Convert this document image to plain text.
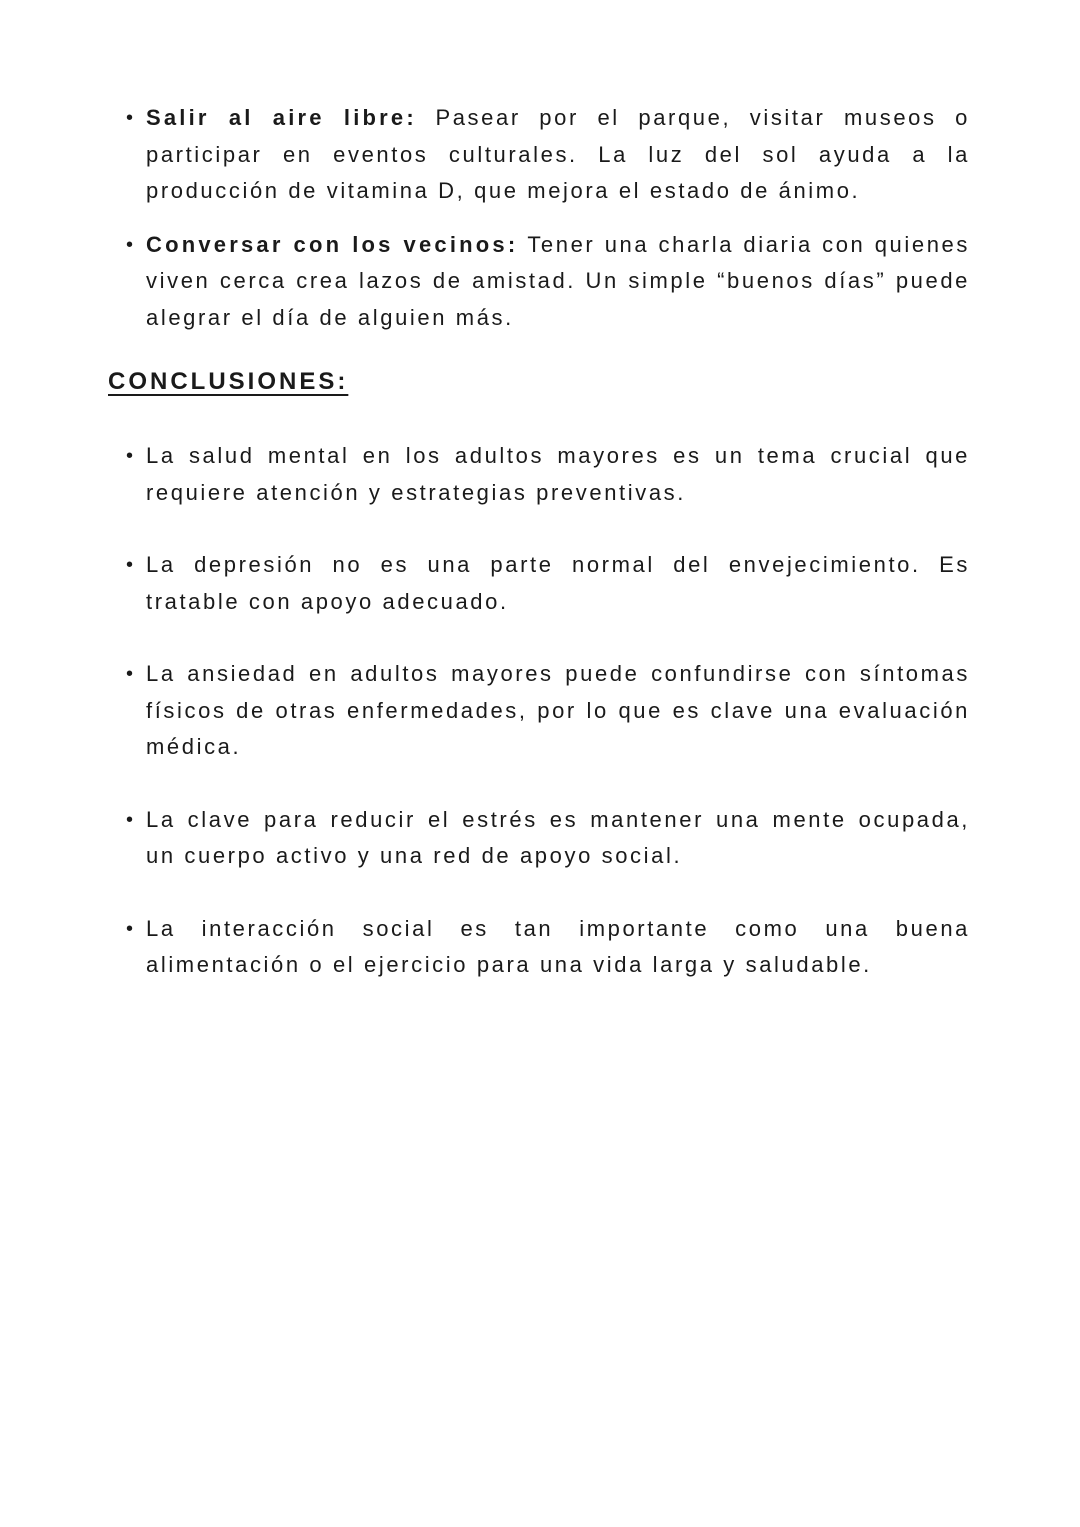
• Salir al aire libre: Pasear por el parque, visitar museos o participar en eventos culturales. La luz del sol ayuda a la producción de vitamina D, que mejora el estado de ánimo.
• Conversar con los vecinos: Tener una charla diaria con quienes viven cerca crea lazos de amistad. Un simple “buenos días” puede alegrar el día de alguien más.
CONCLUSIONES:
• La salud mental en los adultos mayores es un tema crucial que requiere atención y estrategias preventivas.
• La depresión no es una parte normal del envejecimiento. Es tratable con apoyo adecuado.
• La ansiedad en adultos mayores puede confundirse con síntomas físicos de otras enfermedades, por lo que es clave una evaluación médica.
• La clave para reducir el estrés es mantener una mente ocupada, un cuerpo activo y una red de apoyo social.
• La interacción social es tan importante como una buena alimentación o el ejercicio para una vida larga y saludable.
